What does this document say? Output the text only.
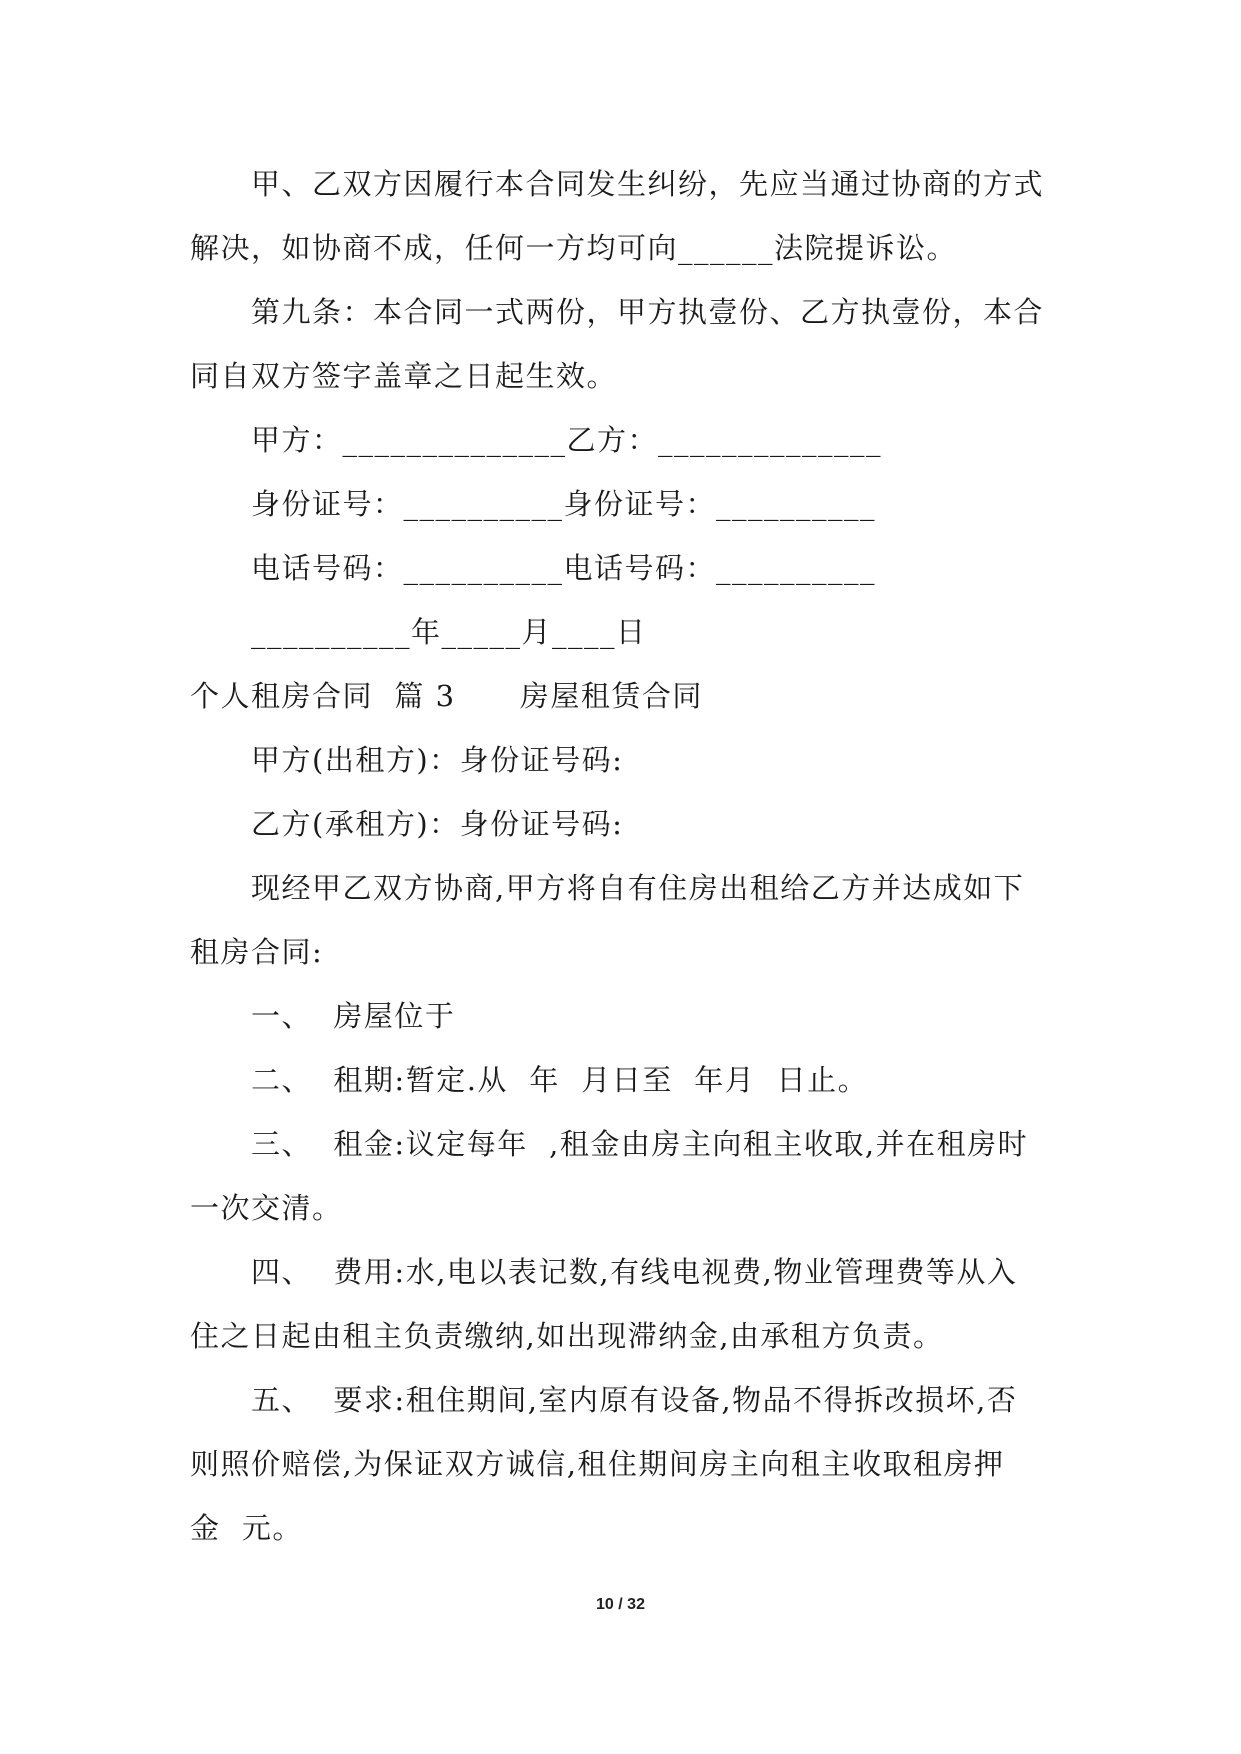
甲、乙双方因履行本合同发生纠纷，先应当通过协商的方式
解决，如协商不成，任何一方均可向______法院提诉讼。
第九条：本合同一式两份，甲方执壹份、乙方执壹份，本合
同自双方签字盖章之日起生效。
甲方：______________乙方：______________
身份证号：__________身份证号：__________
电话号码：__________电话号码：__________
__________年_____月____日
个人租房合同  篇 3      房屋租赁合同
甲方(出租方)：身份证号码:
乙方(承租方)：身份证号码:
现经甲乙双方协商,甲方将自有住房出租给乙方并达成如下
租房合同:
一、  房屋位于
二、  租期:暂定.从  年  月日至  年月  日止。
三、  租金:议定每年  ,租金由房主向租主收取,并在租房时
一次交清。
四、  费用:水,电以表记数,有线电视费,物业管理费等从入
住之日起由租主负责缴纳,如出现滞纳金,由承租方负责。
五、  要求:租住期间,室内原有设备,物品不得拆改损坏,否
则照价赔偿,为保证双方诚信,租住期间房主向租主收取租房押
金  元。
10 / 32
